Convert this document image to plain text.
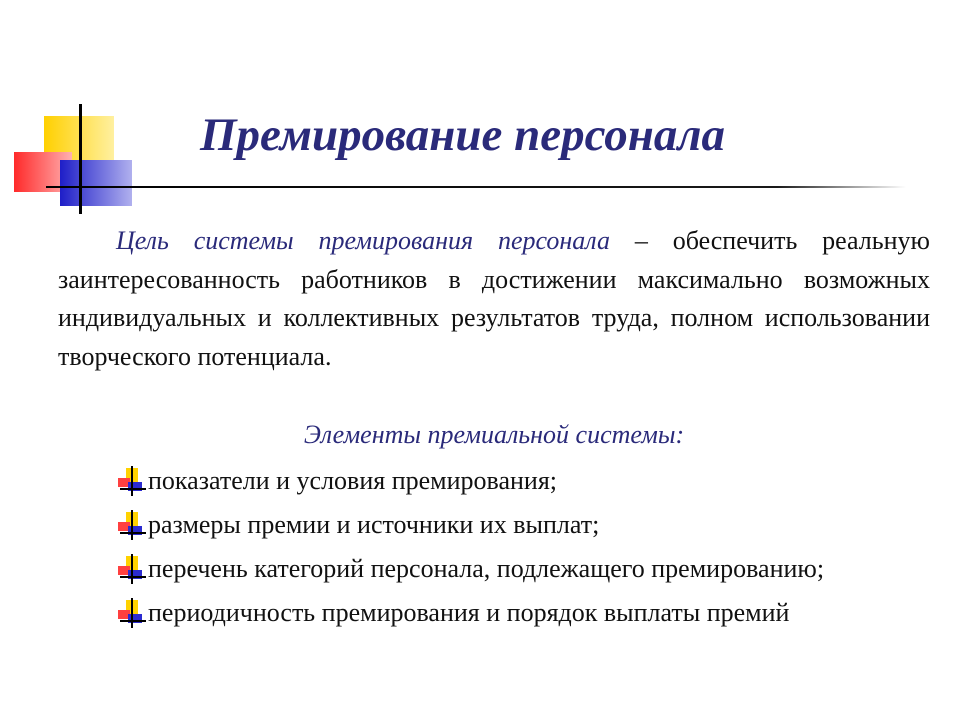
Премирование персонала
Цель системы премирования персонала – обеспечить реальную заинтересованность работников в достижении максимально возможных индивидуальных и коллективных результатов труда, полном использовании творческого потенциала.
Элементы премиальной системы:
показатели и условия премирования;
размеры премии и источники их выплат;
перечень категорий персонала, подлежащего премированию;
периодичность премирования и порядок выплаты премий
